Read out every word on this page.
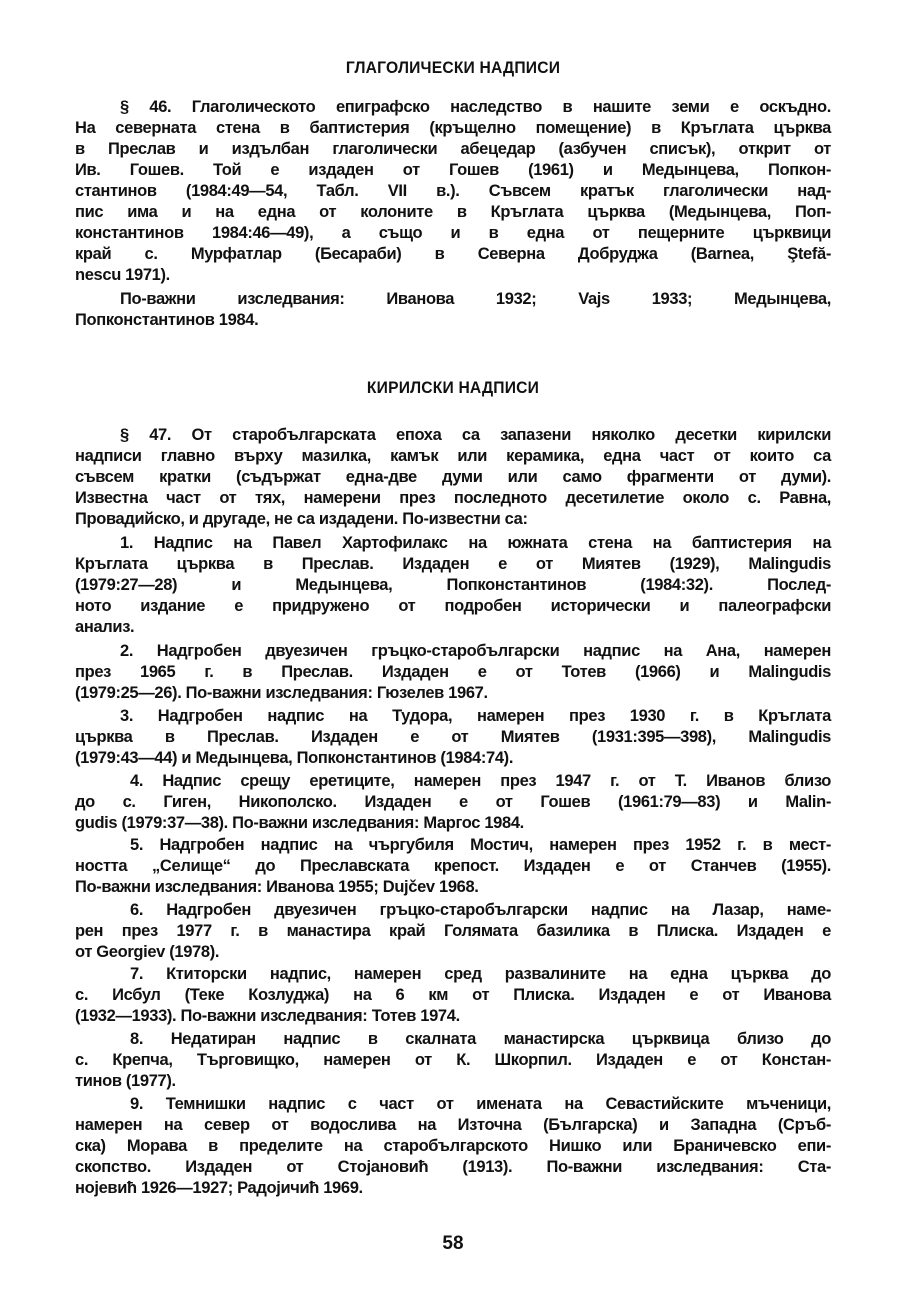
ГЛАГОЛИЧЕСКИ НАДПИСИ
§ 46. Глаголическото епиграфско наследство в нашите земи е оскъдно.
На северната стена в баптистерия (кръщелно помещение) в Кръглата църква
в Преслав и издълбан глаголически абецедар (азбучен списък), открит от
Ив. Гошев. Той е издаден от Гошев (1961) и Медынцева, Попкон-
стантинов (1984:49—54, Табл. VII в.). Съвсем кратък глаголически над-
пис има и на една от колоните в Кръглата църква (Медынцева, Поп-
константинов 1984:46—49), а също и в една от пещерните църквици
край с. Мурфатлар (Бесараби) в Северна Добруджа (Barnea, Ştefă-
nescu 1971).
По-важни изследвания: Иванова 1932; Vajs 1933; Медынцева,
Попконстантинов 1984.
КИРИЛСКИ НАДПИСИ
§ 47. От старобългарската епоха са запазени няколко десетки кирилски
надписи главно върху мазилка, камък или керамика, една част от които са
съвсем кратки (съдържат една-две думи или само фрагменти от думи).
Известна част от тях, намерени през последното десетилетие около с. Равна,
Провадийско, и другаде, не са издадени. По-известни са:
1. Надпис на Павел Хартофилакс на южната стена на баптистерия на
Кръглата църква в Преслав. Издаден е от Миятев (1929), Malingudis
(1979:27—28) и Медынцева, Попконстантинов (1984:32). Послед-
ното издание е придружено от подробен исторически и палеографски
анализ.
2. Надгробен двуезичен гръцко-старобългарски надпис на Ана, намерен
през 1965 г. в Преслав. Издаден е от Тотев (1966) и Malingudis
(1979:25—26). По-важни изследвания: Гюзелев 1967.
3. Надгробен надпис на Тудора, намерен през 1930 г. в Кръглата
църква в Преслав. Издаден е от Миятев (1931:395—398), Malingudis
(1979:43—44) и Медынцева, Попконстантинов (1984:74).
4. Надпис срещу еретиците, намерен през 1947 г. от Т. Иванов близо
до с. Гиген, Никополско. Издаден е от Гошев (1961:79—83) и Malin-
gudis (1979:37—38). По-важни изследвания: Маргос 1984.
5. Надгробен надпис на чъргубиля Мостич, намерен през 1952 г. в мест-
ността „Селище“ до Преславската крепост. Издаден е от Станчев (1955).
По-важни изследвания: Иванова 1955; Dujčev 1968.
6. Надгробен двуезичен гръцко-старобългарски надпис на Лазар, наме-
рен през 1977 г. в манастира край Голямата базилика в Плиска. Издаден е
от Georgiev (1978).
7. Ктиторски надпис, намерен сред развалините на една църква до
с. Исбул (Теке Козлуджа) на 6 км от Плиска. Издаден е от Иванова
(1932—1933). По-важни изследвания: Тотев 1974.
8. Недатиран надпис в скалната манастирска църквица близо до
с. Крепча, Търговищко, намерен от К. Шкорпил. Издаден е от Констан-
тинов (1977).
9. Темнишки надпис с част от имената на Севастийските мъченици,
намерен на север от водослива на Източна (Българска) и Западна (Сръб-
ска) Морава в пределите на старобългарското Нишко или Браничевско епи-
скопство. Издаден от Стојановић (1913). По-важни изследвания: Ста-
нојевић 1926—1927; Радојичић 1969.
58
